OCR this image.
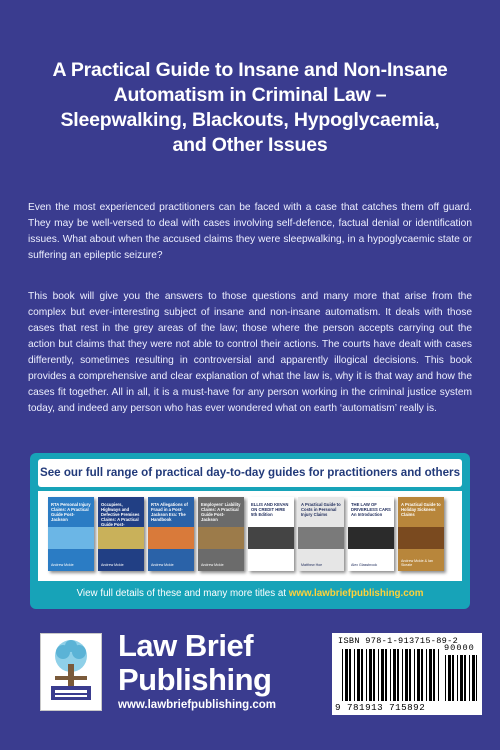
A Practical Guide to Insane and Non-Insane
Automatism in Criminal Law –
Sleepwalking, Blackouts, Hypoglycaemia,
and Other Issues

Even the most experienced practitioners can be faced with a case that catches them off guard. They may be well-versed to deal with cases involving self-defence, factual denial or identification issues. What about when the accused claims they were sleepwalking, in a hypoglycaemic state or suffering an epileptic seizure?

This book will give you the answers to those questions and many more that arise from the complex but ever-interesting subject of insane and non-insane automatism. It deals with those cases that rest in the grey areas of the law; those where the person accepts carrying out the action but claims that they were not able to control their actions. The courts have dealt with cases differently, sometimes resulting in controversial and apparently illogical decisions. This book provides a comprehensive and clear explanation of what the law is, why it is that way and how the cases fit together. All in all, it is a must-have for any person working in the criminal justice system today, and indeed any person who has ever wondered what on earth ‘automatism’ really is.

See our full range of practical day-to-day guides for practitioners and others
RTA Personal Injury Claims: A Practical Guide Post-Jackson
Andrew Mckie
Occupiers, Highways and Defective Premises Claims: A Practical Guide Post-
Andrew Mckie
RTA Allegations of Fraud in a Post-Jackson Era: The Handbook
Andrew Mckie
Employers' Liability Claims: A Practical Guide Post-Jackson
Andrew Mckie
ELLIS AND KEVAN ON CREDIT HIRE 5th Edition
A Practical Guide to Costs in Personal Injury Claims
Matthew Hoe
THE LAW OF DRIVERLESS CARS An Introduction
Alex Glassbrook
A Practical Guide to Holiday Sickness Claims
Andrew Mckie & Ian Skeate
View full details of these and many more titles at www.lawbriefpublishing.com
Law Brief
Publishing
www.lawbriefpublishing.com
ISBN 978-1-913715-89-2
90000
9 781913 715892
